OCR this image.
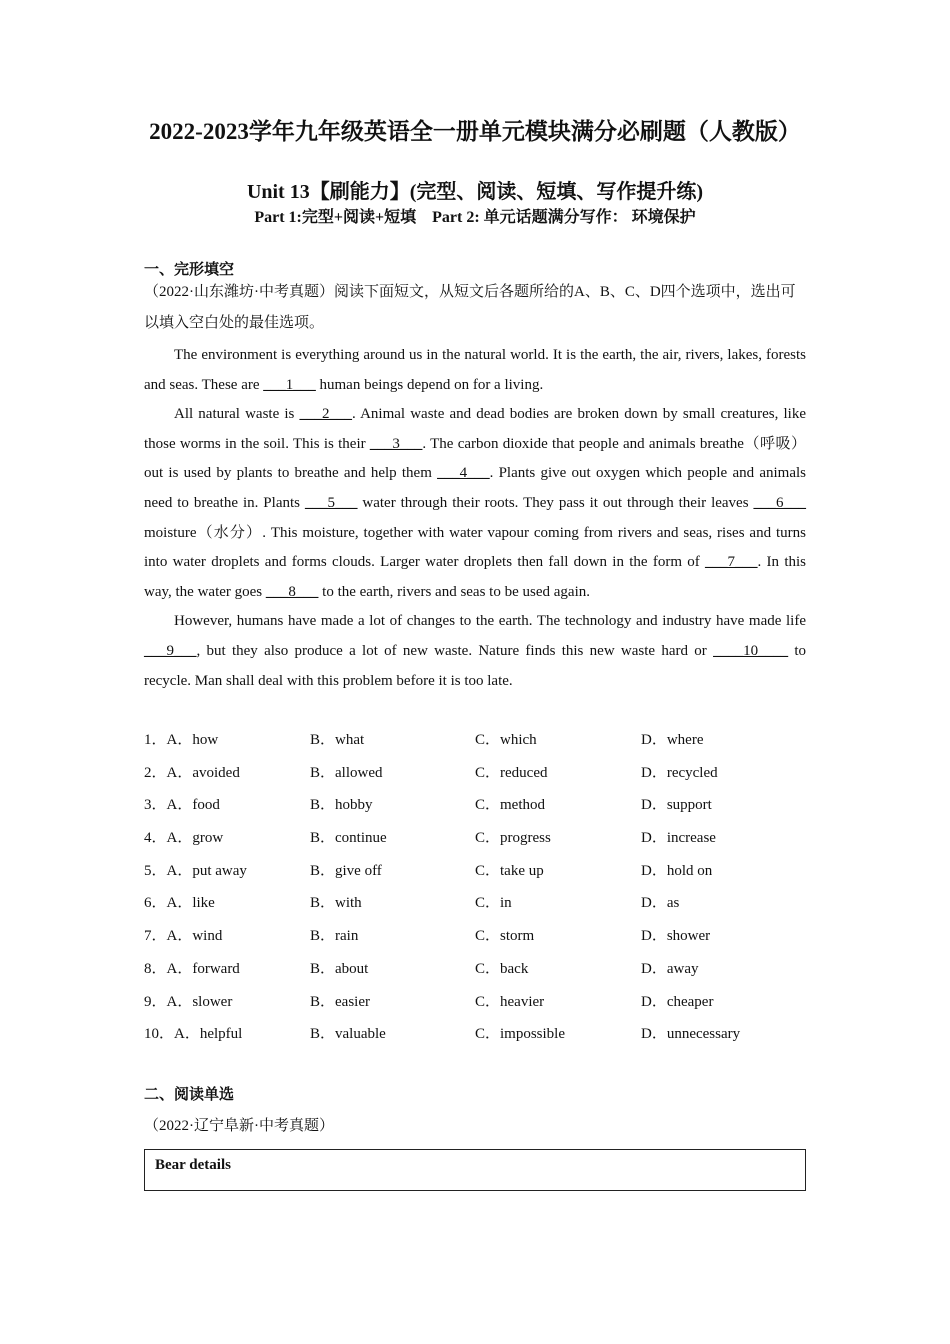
2022-2023学年九年级英语全一册单元模块满分必刷题（人教版）
Unit 13【刷能力】(完型、阅读、短填、写作提升练)
Part 1:完型+阅读+短填    Part 2: 单元话题满分写作： 环境保护
一、完形填空
（2022·山东潍坊·中考真题）阅读下面短文，从短文后各题所给的A、B、C、D四个选项中，选出可以填入空白处的最佳选项。

The environment is everything around us in the natural world. It is the earth, the air, rivers, lakes, forests and seas. These are ___1___ human beings depend on for a living.

All natural waste is ___2___. Animal waste and dead bodies are broken down by small creatures, like those worms in the soil. This is their ___3___. The carbon dioxide that people and animals breathe（呼吸）out is used by plants to breathe and help them ___4___. Plants give out oxygen which people and animals need to breathe in. Plants ___5___ water through their roots. They pass it out through their leaves ___6___ moisture（水分）. This moisture, together with water vapour coming from rivers and seas, rises and turns into water droplets and forms clouds. Larger water droplets then fall down in the form of ___7___. In this way, the water goes ___8___ to the earth, rivers and seas to be used again.

However, humans have made a lot of changes to the earth. The technology and industry have made life ___9___, but they also produce a lot of new waste. Nature finds this new waste hard or ____10____ to recycle. Man shall deal with this problem before it is too late.

1．A．how	B．what	C．which	D．where
2．A．avoided	B．allowed	C．reduced	D．recycled
3．A．food	B．hobby	C．method	D．support
4．A．grow	B．continue	C．progress	D．increase
5．A．put away	B．give off	C．take up	D．hold on
6．A．like	B．with	C．in	D．as
7．A．wind	B．rain	C．storm	D．shower
8．A．forward	B．about	C．back	D．away
9．A．slower	B．easier	C．heavier	D．cheaper
10．A．helpful	B．valuable	C．impossible	D．unnecessary
二、阅读单选
（2022·辽宁阜新·中考真题）
Bear details
